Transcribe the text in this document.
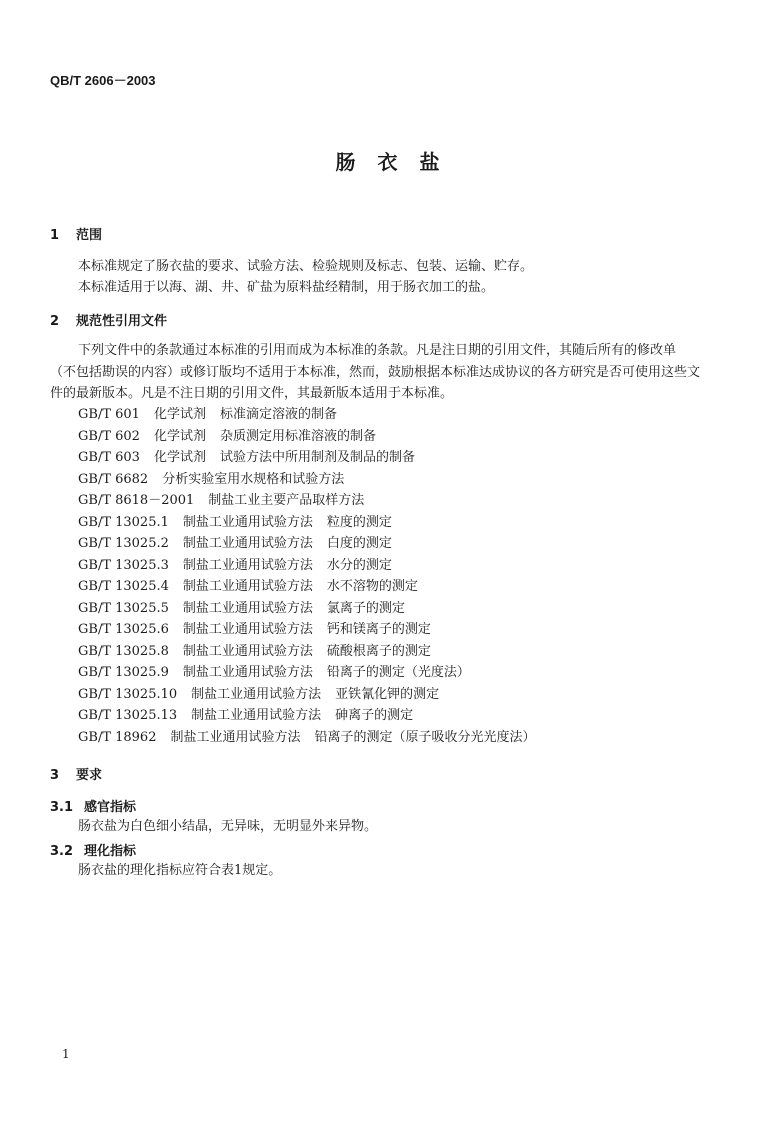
QB/T 2606－2003
肠衣盐
1 范围
本标准规定了肠衣盐的要求、试验方法、检验规则及标志、包装、运输、贮存。
本标准适用于以海、湖、井、矿盐为原料盐经精制，用于肠衣加工的盐。
2 规范性引用文件
下列文件中的条款通过本标准的引用而成为本标准的条款。凡是注日期的引用文件，其随后所有的修改单（不包括勘误的内容）或修订版均不适用于本标准，然而，鼓励根据本标准达成协议的各方研究是否可使用这些文件的最新版本。凡是不注日期的引用文件，其最新版本适用于本标准。
GB/T 601 化学试剂 标准滴定溶液的制备
GB/T 602 化学试剂 杂质测定用标准溶液的制备
GB/T 603 化学试剂 试验方法中所用制剂及制品的制备
GB/T 6682 分析实验室用水规格和试验方法
GB/T 8618－2001 制盐工业主要产品取样方法
GB/T 13025.1 制盐工业通用试验方法 粒度的测定
GB/T 13025.2 制盐工业通用试验方法 白度的测定
GB/T 13025.3 制盐工业通用试验方法 水分的测定
GB/T 13025.4 制盐工业通用试验方法 水不溶物的测定
GB/T 13025.5 制盐工业通用试验方法 氯离子的测定
GB/T 13025.6 制盐工业通用试验方法 钙和镁离子的测定
GB/T 13025.8 制盐工业通用试验方法 硫酸根离子的测定
GB/T 13025.9 制盐工业通用试验方法 铅离子的测定（光度法）
GB/T 13025.10 制盐工业通用试验方法 亚铁氰化钾的测定
GB/T 13025.13 制盐工业通用试验方法 砷离子的测定
GB/T 18962 制盐工业通用试验方法 铅离子的测定（原子吸收分光光度法）
3 要求
3.1 感官指标
肠衣盐为白色细小结晶，无异味，无明显外来异物。
3.2 理化指标
肠衣盐的理化指标应符合表1规定。
1
